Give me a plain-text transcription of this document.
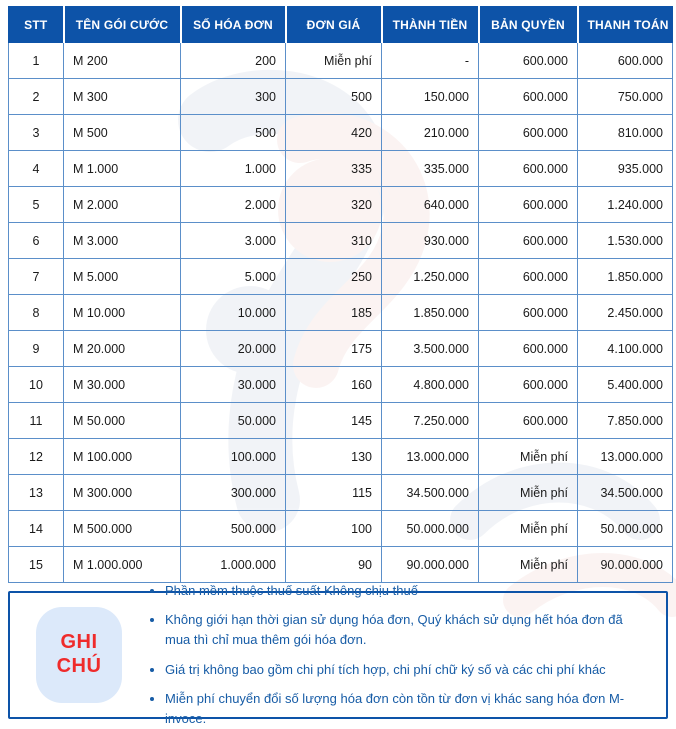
STT	TÊN GÓI CƯỚC	SỐ HÓA ĐƠN	ĐƠN GIÁ	THÀNH TIỀN	BẢN QUYỀN	THANH TOÁN
1	M 200	200	Miễn phí	-	600.000	600.000
2	M 300	300	500	150.000	600.000	750.000
3	M 500	500	420	210.000	600.000	810.000
4	M 1.000	1.000	335	335.000	600.000	935.000
5	M 2.000	2.000	320	640.000	600.000	1.240.000
6	M 3.000	3.000	310	930.000	600.000	1.530.000
7	M 5.000	5.000	250	1.250.000	600.000	1.850.000
8	M 10.000	10.000	185	1.850.000	600.000	2.450.000
9	M 20.000	20.000	175	3.500.000	600.000	4.100.000
10	M 30.000	30.000	160	4.800.000	600.000	5.400.000
11	M 50.000	50.000	145	7.250.000	600.000	7.850.000
12	M 100.000	100.000	130	13.000.000	Miễn phí	13.000.000
13	M 300.000	300.000	115	34.500.000	Miễn phí	34.500.000
14	M 500.000	500.000	100	50.000.000	Miễn phí	50.000.000
15	M 1.000.000	1.000.000	90	90.000.000	Miễn phí	90.000.000
GHI
CHÚ
Phần mềm thuộc thuế suất Không chịu thuế
Không giới hạn thời gian sử dụng hóa đơn, Quý khách sử dụng hết hóa đơn đã mua thì chỉ mua thêm gói hóa đơn.
Giá trị không bao gồm chi phí tích hợp, chi phí chữ ký số và các chi phí khác
Miễn phí chuyển đổi số lượng hóa đơn còn tồn từ đơn vị khác sang hóa đơn M-invoce.
